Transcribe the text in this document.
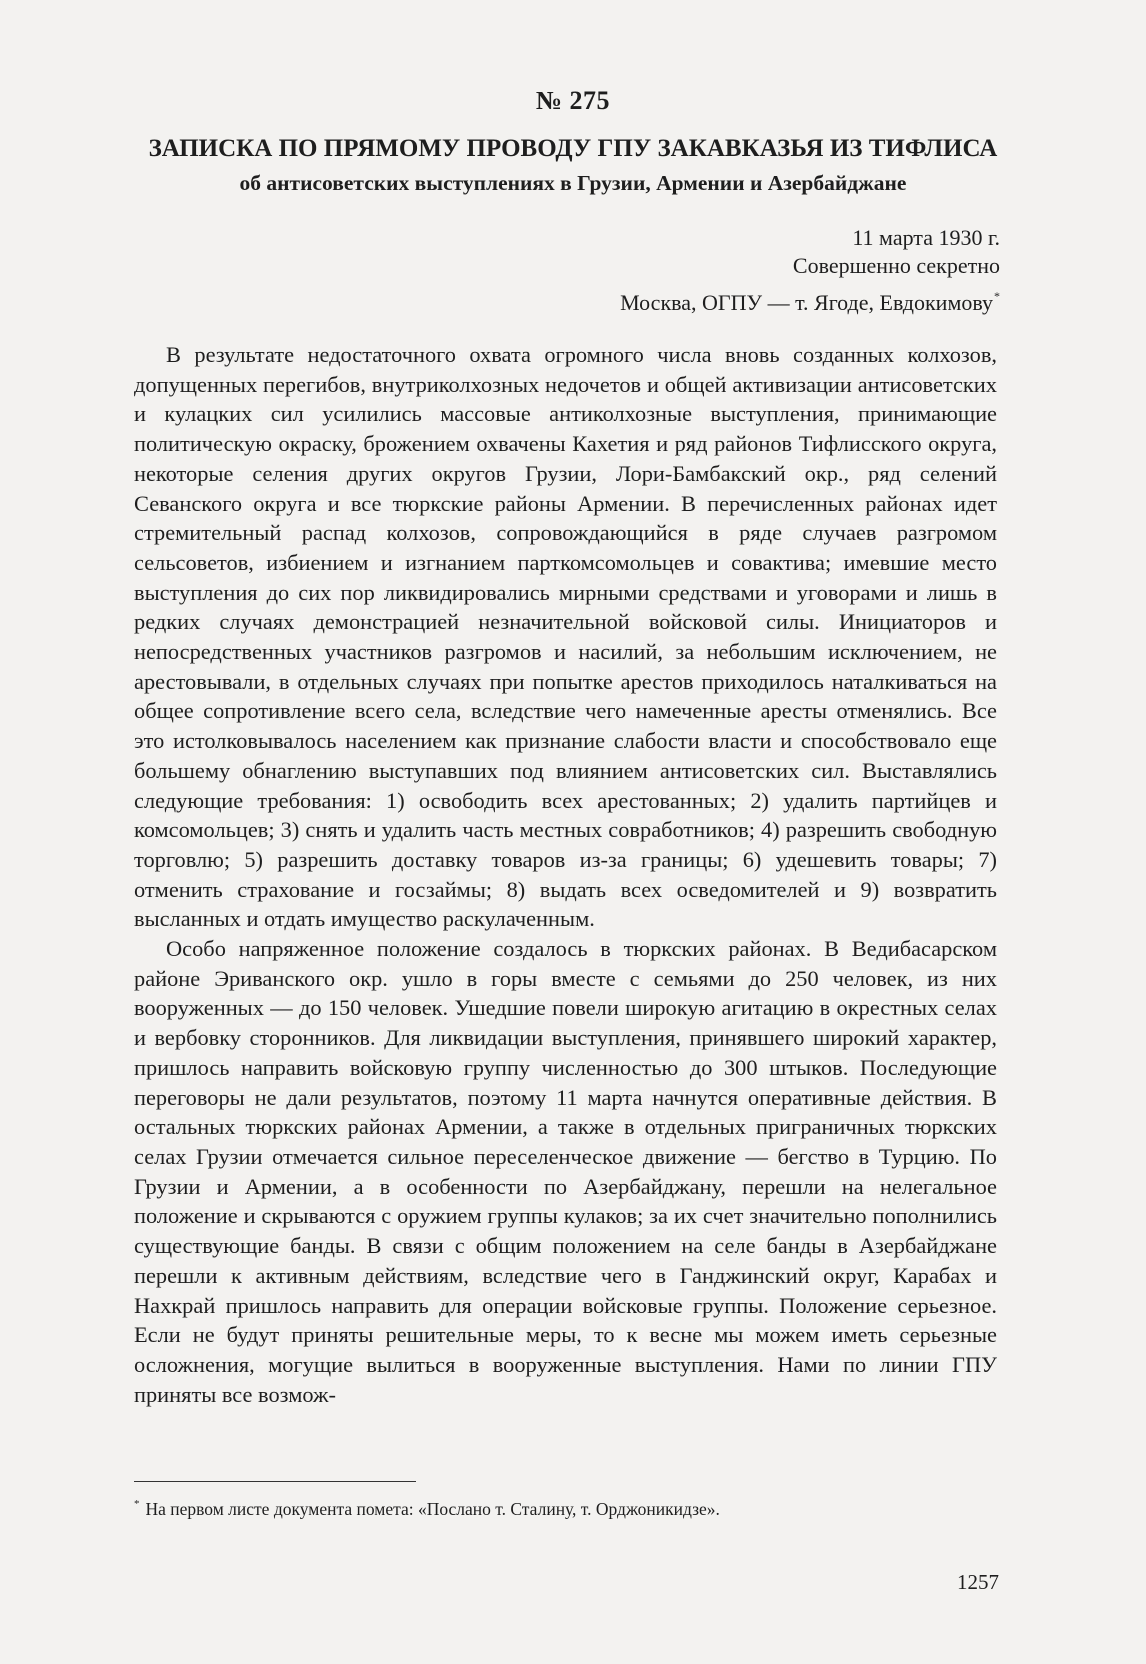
№ 275
ЗАПИСКА ПО ПРЯМОМУ ПРОВОДУ ГПУ ЗАКАВКАЗЬЯ ИЗ ТИФЛИСА
об антисоветских выступлениях в Грузии, Армении и Азербайджане
11 марта 1930 г.
Совершенно секретно
Москва, ОГПУ — т. Ягоде, Евдокимову*

В результате недостаточного охвата огромного числа вновь созданных колхозов, допущенных перегибов, внутриколхозных недочетов и общей активизации антисоветских и кулацких сил усилились массовые антиколхозные выступления, принимающие политическую окраску, брожением охвачены Кахетия и ряд районов Тифлисского округа, некоторые селения других округов Грузии, Лори-Бамбакский окр., ряд селений Севанского округа и все тюркские районы Армении. В перечисленных районах идет стремительный распад колхозов, сопровождающийся в ряде случаев разгромом сельсоветов, избиением и изгнанием парткомсомольцев и совактива; имевшие место выступления до сих пор ликвидировались мирными средствами и уговорами и лишь в редких случаях демонстрацией незначительной войсковой силы. Инициаторов и непосредственных участников разгромов и насилий, за небольшим исключением, не арестовывали, в отдельных случаях при попытке арестов приходилось наталкиваться на общее сопротивление всего села, вследствие чего намеченные аресты отменялись. Все это истолковывалось населением как признание слабости власти и способствовало еще большему обнаглению выступавших под влиянием антисоветских сил. Выставлялись следующие требования: 1) освободить всех арестованных; 2) удалить партийцев и комсомольцев; 3) снять и удалить часть местных совработников; 4) разрешить свободную торговлю; 5) разрешить доставку товаров из-за границы; 6) удешевить товары; 7) отменить страхование и госзаймы; 8) выдать всех осведомителей и 9) возвратить высланных и отдать имущество раскулаченным.

Особо напряженное положение создалось в тюркских районах. В Ведибасарском районе Эриванского окр. ушло в горы вместе с семьями до 250 человек, из них вооруженных — до 150 человек. Ушедшие повели широкую агитацию в окрестных селах и вербовку сторонников. Для ликвидации выступления, принявшего широкий характер, пришлось направить войсковую группу численностью до 300 штыков. Последующие переговоры не дали результатов, поэтому 11 марта начнутся оперативные действия. В остальных тюркских районах Армении, а также в отдельных приграничных тюркских селах Грузии отмечается сильное переселенческое движение — бегство в Турцию. По Грузии и Армении, а в особенности по Азербайджану, перешли на нелегальное положение и скрываются с оружием группы кулаков; за их счет значительно пополнились существующие банды. В связи с общим положением на селе банды в Азербайджане перешли к активным действиям, вследствие чего в Ганджинский округ, Карабах и Нахкрай пришлось направить для операции войсковые группы. Положение серьезное. Если не будут приняты решительные меры, то к весне мы можем иметь серьезные осложнения, могущие вылиться в вооруженные выступления. Нами по линии ГПУ приняты все возмож-

* На первом листе документа помета: «Послано т. Сталину, т. Орджоникидзе».
1257
